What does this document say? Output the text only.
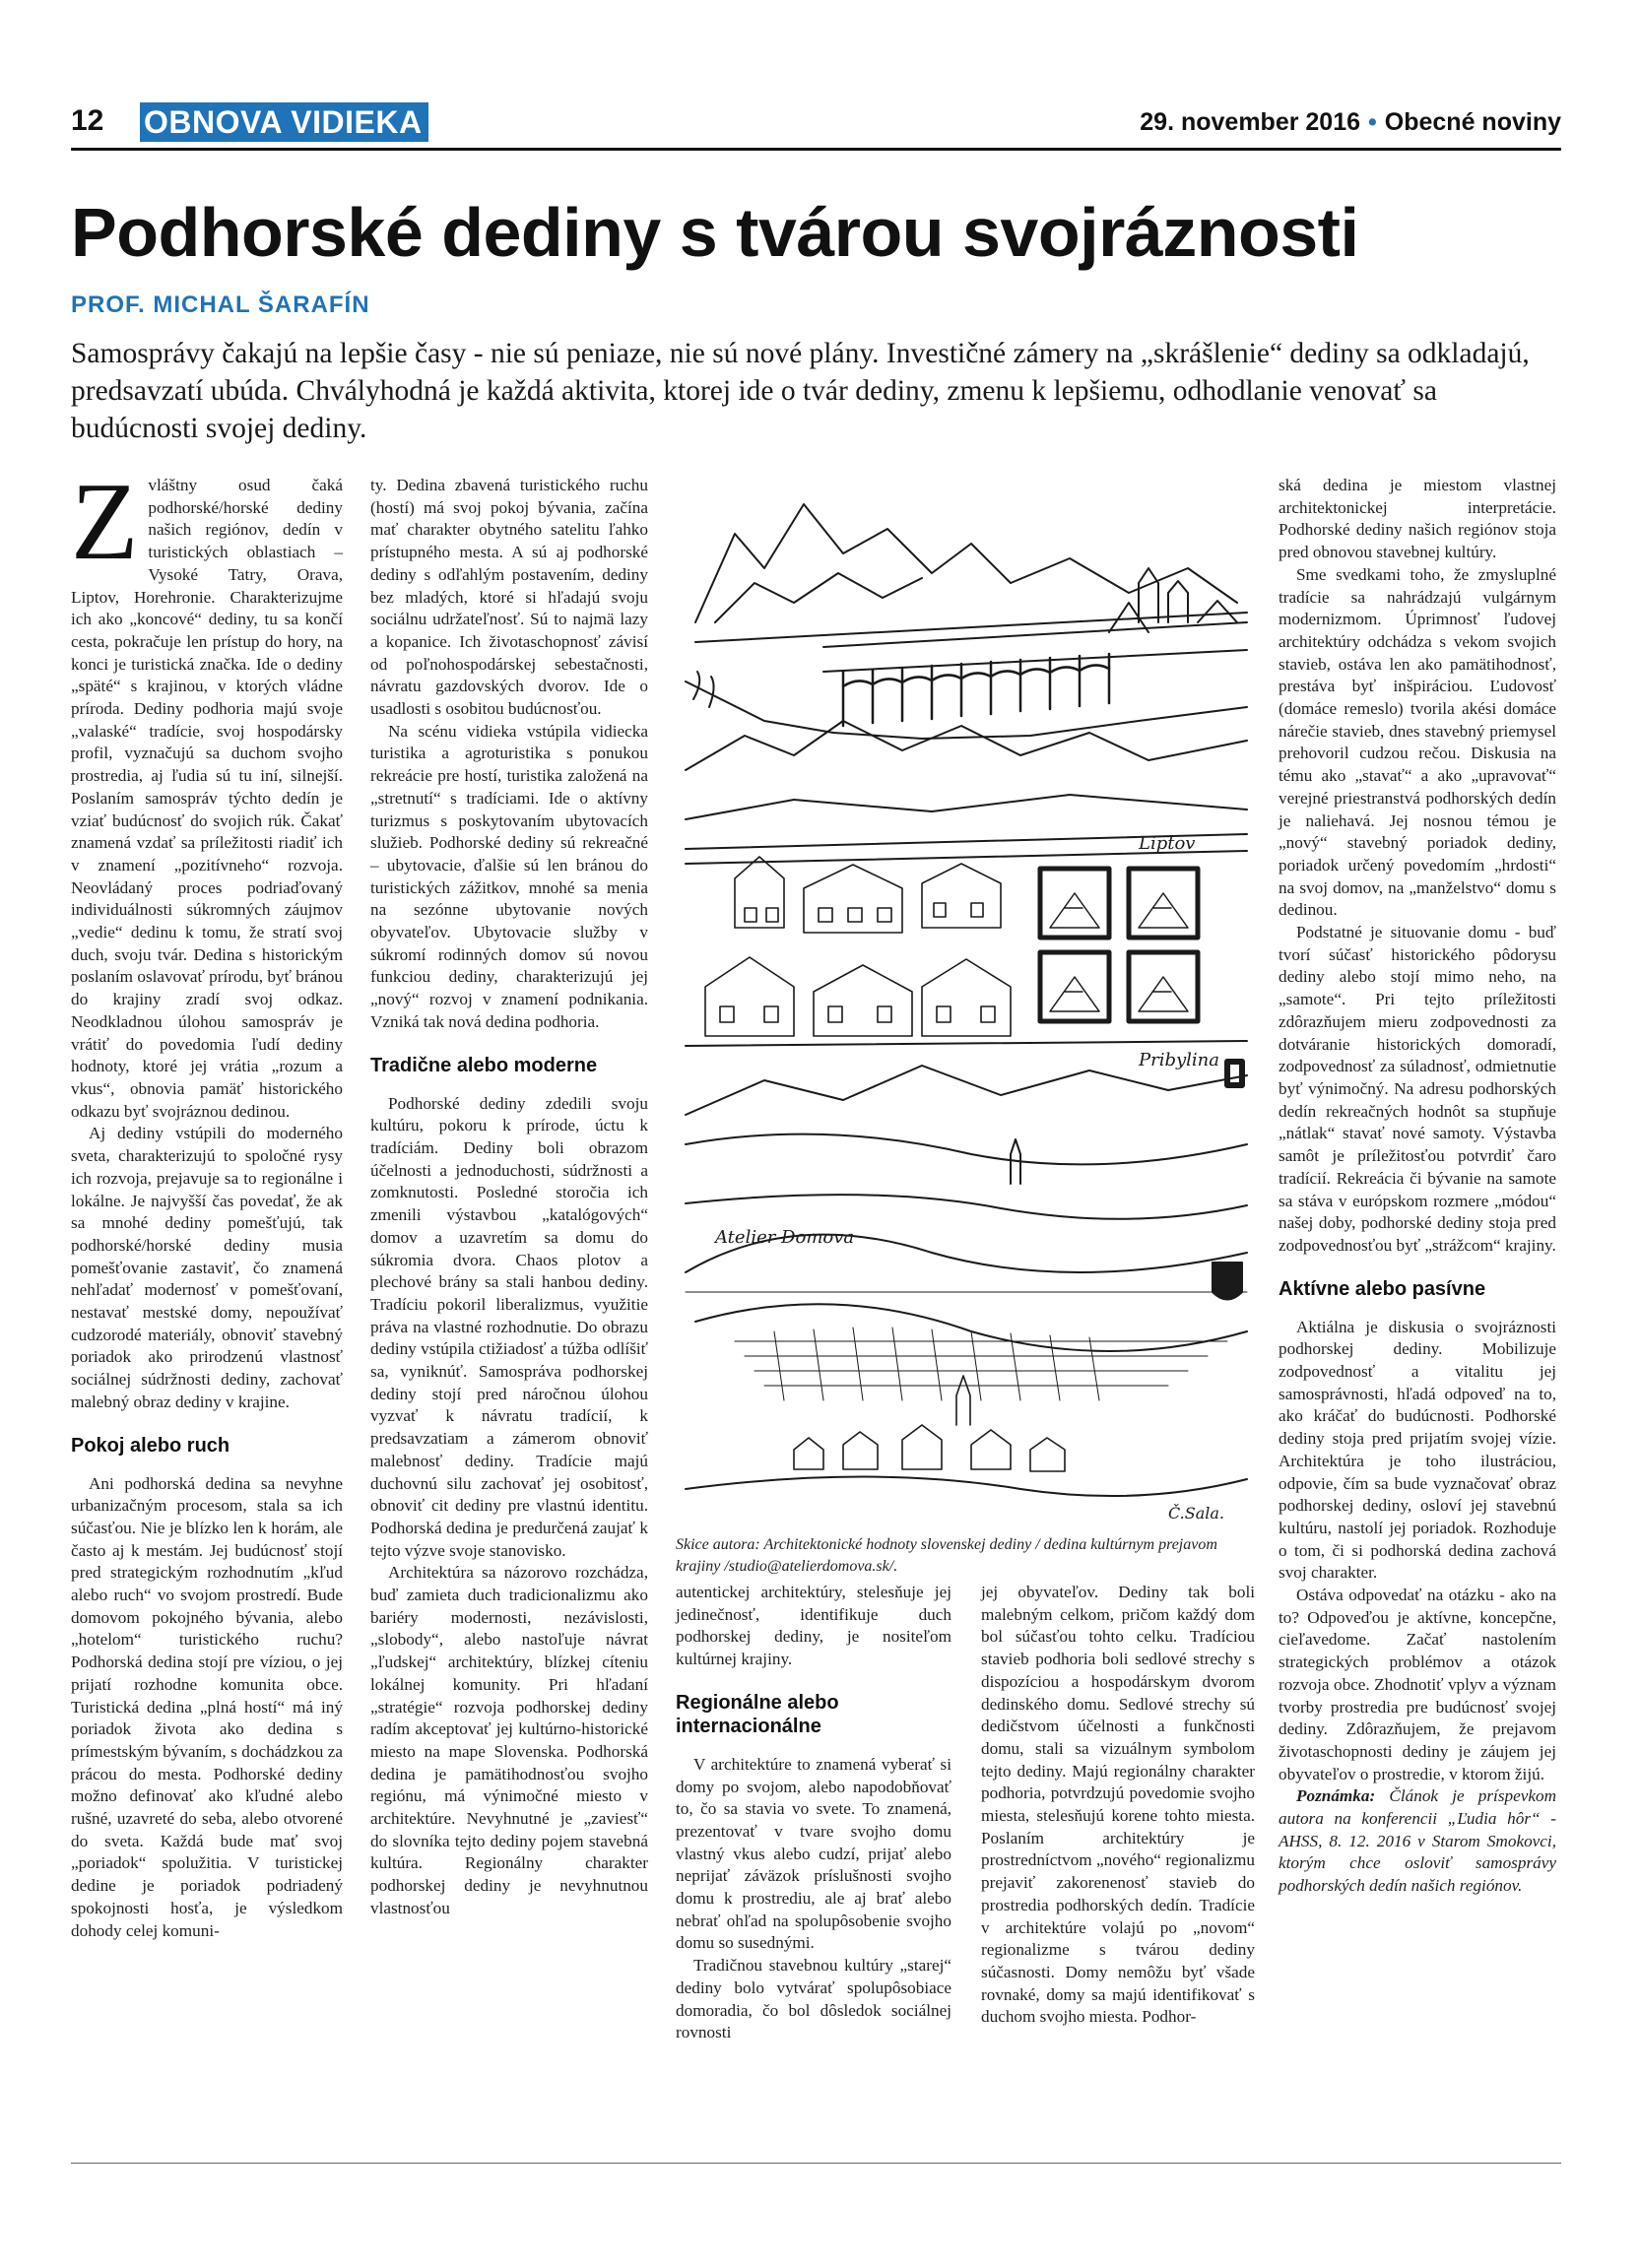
12 OBNOVA VIDIEKA	29. november 2016 • Obecné noviny
Podhorské dediny s tvárou svojráznosti
PROF. MICHAL ŠARAFÍN
Samosprávy čakajú na lepšie časy - nie sú peniaze, nie sú nové plány. Investičné zámery na „skrášlenie“ dediny sa odkladajú, predsavzatí ubúda. Chvályhodná je každá aktivita, ktorej ide o tvár dediny, zmenu k lepšiemu, odhodlanie venovať sa budúcnosti svojej dediny.

Zvláštny osud čaká podhorské/horské dediny našich regiónov, dedín v turistických oblastiach – Vysoké Tatry, Orava, Liptov, Horehronie. Charakterizujme ich ako „koncové“ dediny, tu sa končí cesta, pokračuje len prístup do hory, na konci je turistická značka. Ide o dediny „späté“ s krajinou, v ktorých vládne príroda. Dediny podhoria majú svoje „valaské“ tradície, svoj hospodársky profil, vyznačujú sa duchom svojho prostredia, aj ľudia sú tu iní, silnejší. Poslaním samospráv týchto dedín je vziať budúcnosť do svojich rúk. Čakať znamená vzdať sa príležitosti riadiť ich v znamení „pozitívneho“ rozvoja. Neovládaný proces podriaďovaný individuálnosti súkromných záujmov „vedie“ dedinu k tomu, že stratí svoj duch, svoju tvár. Dedina s historickým poslaním oslavovať prírodu, byť bránou do krajiny zradí svoj odkaz. Neodkladnou úlohou samospráv je vrátiť do povedomia ľudí dediny hodnoty, ktoré jej vrátia „rozum a vkus“, obnovia pamäť historického odkazu byť svojráznou dedinou.

Aj dediny vstúpili do moderného sveta, charakterizujú to spoločné rysy ich rozvoja, prejavuje sa to regionálne i lokálne. Je najvyšší čas povedať, že ak sa mnohé dediny pomešťujú, tak podhorské/horské dediny musia pomešťovanie zastaviť, čo znamená nehľadať modernosť v pomešťovaní, nestavať mestské domy, nepoužívať cudzorodé materiály, obnoviť stavebný poriadok ako prirodzenú vlastnosť sociálnej súdržnosti dediny, zachovať malebný obraz dediny v krajine.

Pokoj alebo ruch

Ani podhorská dedina sa nevyhne urbanizačným procesom, stala sa ich súčasťou. Nie je blízko len k horám, ale často aj k mestám. Jej budúcnosť stojí pred strategickým rozhodnutím „kľud alebo ruch“ vo svojom prostredí. Bude domovom pokojného bývania, alebo „hotelom“ turistického ruchu? Podhorská dedina stojí pre víziou, o jej prijatí rozhodne komunita obce. Turistická dedina „plná hostí“ má iný poriadok života ako dedina s prímestským bývaním, s dochádzkou za prácou do mesta. Podhorské dediny možno definovať ako kľudné alebo rušné, uzavreté do seba, alebo otvorené do sveta. Každá bude mať svoj „poriadok“ spolužitia. V turistickej dedine je poriadok podriadený spokojnosti hosťa, je výsledkom dohody celej komuni-

ty. Dedina zbavená turistického ruchu (hostí) má svoj pokoj bývania, začína mať charakter obytného satelitu ľahko prístupného mesta. A sú aj podhorské dediny s odľahlým postavením, dediny bez mladých, ktoré si hľadajú svoju sociálnu udržateľnosť. Sú to najmä lazy a kopanice. Ich životaschopnosť závisí od poľnohospodárskej sebestačnosti, návratu gazdovských dvorov. Ide o usadlosti s osobitou budúcnosťou.

Na scénu vidieka vstúpila vidiecka turistika a agroturistika s ponukou rekreácie pre hostí, turistika založená na „stretnutí“ s tradíciami. Ide o aktívny turizmus s poskytovaním ubytovacích služieb. Podhorské dediny sú rekreačné – ubytovacie, ďalšie sú len bránou do turistických zážitkov, mnohé sa menia na sezónne ubytovanie nových obyvateľov. Ubytovacie služby v súkromí rodinných domov sú novou funkciou dediny, charakterizujú jej „nový“ rozvoj v znamení podnikania. Vzniká tak nová dedina podhoria.

Tradične alebo moderne

Podhorské dediny zdedili svoju kultúru, pokoru k prírode, úctu k tradíciám. Dediny boli obrazom účelnosti a jednoduchosti, súdržnosti a zomknutosti. Posledné storočia ich zmenili výstavbou „katalógových“ domov a uzavretím sa domu do súkromia dvora. Chaos plotov a plechové brány sa stali hanbou dediny. Tradíciu pokoril liberalizmus, využitie práva na vlastné rozhodnutie. Do obrazu dediny vstúpila ctižiadosť a túžba odlíšiť sa, vyniknúť. Samospráva podhorskej dediny stojí pred náročnou úlohou vyzvať k návratu tradícií, k predsavzatiam a zámerom obnoviť malebnosť dediny. Tradície majú duchovnú silu zachovať jej osobitosť, obnoviť cit dediny pre vlastnú identitu. Podhorská dedina je predurčená zaujať k tejto výzve svoje stanovisko.

Architektúra sa názorovo rozchádza, buď zamieta duch tradicionalizmu ako bariéry modernosti, nezávislosti, „slobody“, alebo nastoľuje návrat „ľudskej“ architektúry, blízkej cíteniu lokálnej komunity. Pri hľadaní „stratégie“ rozvoja podhorskej dediny radím akceptovať jej kultúrno-historické miesto na mape Slovenska. Podhorská dedina je pamätihodnosťou svojho regiónu, má výnimočné miesto v architektúre. Nevyhnutné je „zaviesť“ do slovníka tejto dediny pojem stavebná kultúra. Regionálny charakter podhorskej dediny je nevyhnutnou vlastnosťou

Liptov
Pribylina
Atelier Domova
Č.Sala.
Skice autora: Architektonické hodnoty slovenskej dediny / dedina kultúrnym prejavom krajiny /studio@atelierdomova.sk/.

autentickej architektúry, stelesňuje jej jedinečnosť, identifikuje duch podhorskej dediny, je nositeľom kultúrnej krajiny.

Regionálne alebo internacionálne

V architektúre to znamená vyberať si domy po svojom, alebo napodobňovať to, čo sa stavia vo svete. To znamená, prezentovať v tvare svojho domu vlastný vkus alebo cudzí, prijať alebo neprijať záväzok príslušnosti svojho domu k prostrediu, ale aj brať alebo nebrať ohľad na spolupôsobenie svojho domu so susednými.

Tradičnou stavebnou kultúry „starej“ dediny bolo vytvárať spolupôsobiace domoradia, čo bol dôsledok sociálnej rovnosti

jej obyvateľov. Dediny tak boli malebným celkom, pričom každý dom bol súčasťou tohto celku. Tradíciou stavieb podhoria boli sedlové strechy s dispozíciou a hospodárskym dvorom dedinského domu. Sedlové strechy sú dedičstvom účelnosti a funkčnosti domu, stali sa vizuálnym symbolom tejto dediny. Majú regionálny charakter podhoria, potvrdzujú povedomie svojho miesta, stelesňujú korene tohto miesta. Poslaním architektúry je prostredníctvom „nového“ regionalizmu prejaviť zakorenenosť stavieb do prostredia podhorských dedín. Tradície v architektúre volajú po „novom“ regionalizme s tvárou dediny súčasnosti. Domy nemôžu byť všade rovnaké, domy sa majú identifikovať s duchom svojho miesta. Podhor-

ská dedina je miestom vlastnej architektonickej interpretácie. Podhorské dediny našich regiónov stoja pred obnovou stavebnej kultúry.

Sme svedkami toho, že zmysluplné tradície sa nahrádzajú vulgárnym modernizmom. Úprimnosť ľudovej architektúry odchádza s vekom svojich stavieb, ostáva len ako pamätihodnosť, prestáva byť inšpiráciou. Ľudovosť (domáce remeslo) tvorila akési domáce nárečie stavieb, dnes stavebný priemysel prehovoril cudzou rečou. Diskusia na tému ako „stavať“ a ako „upravovať“ verejné priestranstvá podhorských dedín je naliehavá. Jej nosnou témou je „nový“ stavebný poriadok dediny, poriadok určený povedomím „hrdosti“ na svoj domov, na „manželstvo“ domu s dedinou.

Podstatné je situovanie domu - buď tvorí súčasť historického pôdorysu dediny alebo stojí mimo neho, na „samote“. Pri tejto príležitosti zdôrazňujem mieru zodpovednosti za dotváranie historických domoradí, zodpovednosť za súladnosť, odmietnutie byť výnimočný. Na adresu podhorských dedín rekreačných hodnôt sa stupňuje „nátlak“ stavať nové samoty. Výstavba samôt je príležitosťou potvrdiť čaro tradícií. Rekreácia či bývanie na samote sa stáva v európskom rozmere „módou“ našej doby, podhorské dediny stoja pred zodpovednosťou byť „strážcom“ krajiny.

Aktívne alebo pasívne

Aktiálna je diskusia o svojráznosti podhorskej dediny. Mobilizuje zodpovednosť a vitalitu jej samosprávnosti, hľadá odpoveď na to, ako kráčať do budúcnosti. Podhorské dediny stoja pred prijatím svojej vízie. Architektúra je toho ilustráciou, odpovie, čím sa bude vyznačovať obraz podhorskej dediny, osloví jej stavebnú kultúru, nastolí jej poriadok. Rozhoduje o tom, či si podhorská dedina zachová svoj charakter.

Ostáva odpovedať na otázku - ako na to? Odpoveďou je aktívne, koncepčne, cieľavedome. Začať nastolením strategických problémov a otázok rozvoja obce. Zhodnotiť vplyv a význam tvorby prostredia pre budúcnosť svojej dediny. Zdôrazňujem, že prejavom životaschopnosti dediny je záujem jej obyvateľov o prostredie, v ktorom žijú.

Poznámka: Článok je príspevkom autora na konferencii „Ľudia hôr“ - AHSS, 8. 12. 2016 v Starom Smokovci, ktorým chce osloviť samosprávy podhorských dedín našich regiónov.
